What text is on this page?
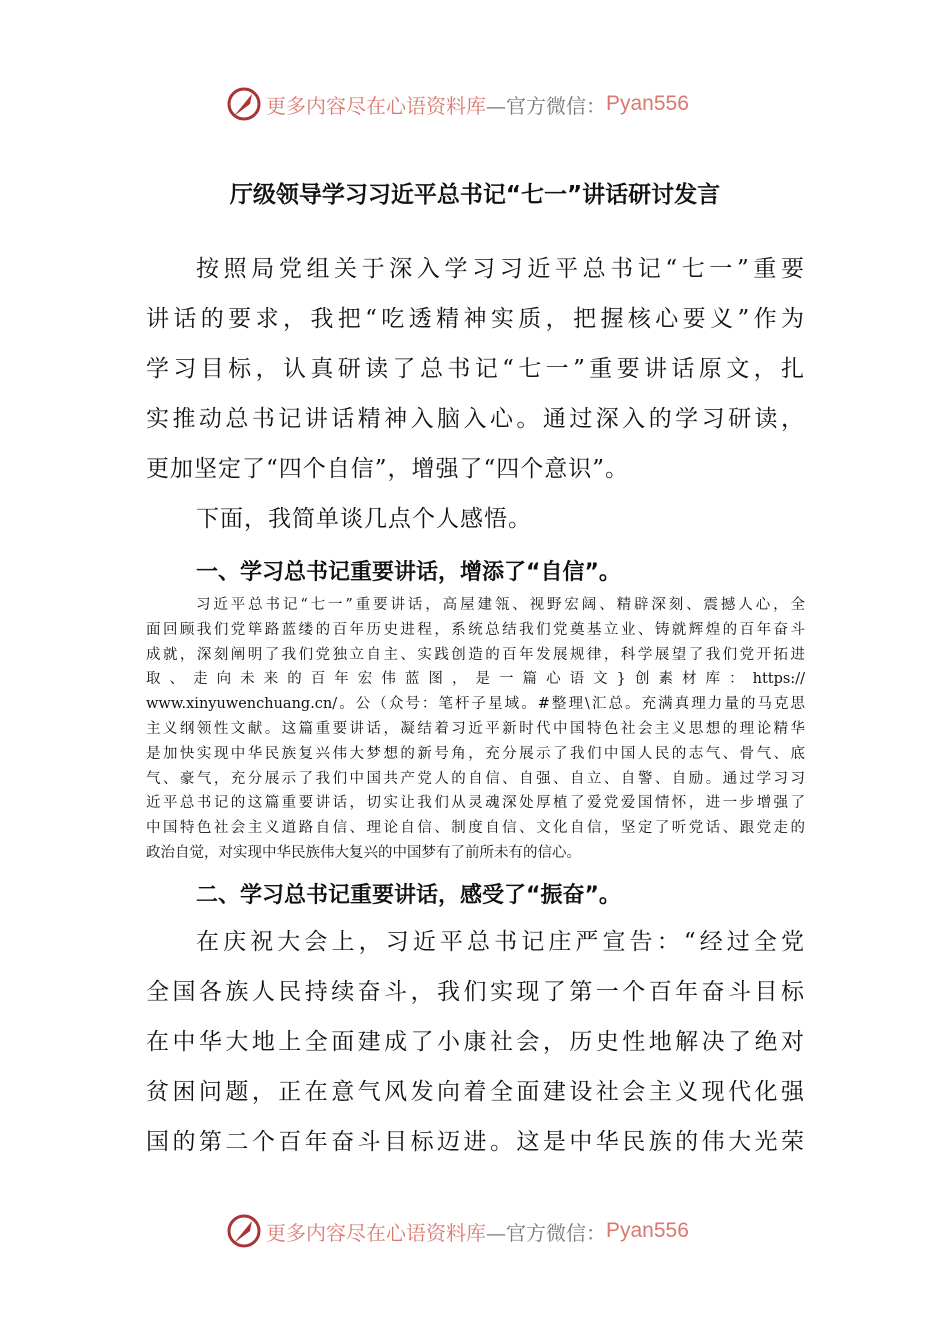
更多内容尽在心语资料库 —官方微信： Pyan556
厅级领导学习习近平总书记“七一”讲话研讨发言
按照局党组关于深入学习习近平总书记“七一”重要
讲话的要求，我把“吃透精神实质，把握核心要义”作为
学习目标，认真研读了总书记“七一”重要讲话原文，扎
实推动总书记讲话精神入脑入心。通过深入的学习研读，
更加坚定了“四个自信”，增强了“四个意识”。
下面，我简单谈几点个人感悟。
一、学习总书记重要讲话，增添了“自信”。
习近平总书记“七一”重要讲话，高屋建瓴、视野宏阔、精辟深刻、震撼人心，全
面回顾我们党筚路蓝缕的百年历史进程，系统总结我们党奠基立业、铸就辉煌的百年奋斗
成就，深刻阐明了我们党独立自主、实践创造的百年发展规律，科学展望了我们党开拓进
取、走向未来的百年宏伟蓝图，是一篇心语文}创素材库：https://
www.xinyuwenchuang.cn/。公（众号：笔杆子星域。#整理\汇总。充满真理力量的马克思
主义纲领性文献。这篇重要讲话，凝结着习近平新时代中国特色社会主义思想的理论精华
是加快实现中华民族复兴伟大梦想的新号角，充分展示了我们中国人民的志气、骨气、底
气、豪气，充分展示了我们中国共产党人的自信、自强、自立、自警、自励。通过学习习
近平总书记的这篇重要讲话，切实让我们从灵魂深处厚植了爱党爱国情怀，进一步增强了
中国特色社会主义道路自信、理论自信、制度自信、文化自信，坚定了听党话、跟党走的
政治自觉，对实现中华民族伟大复兴的中国梦有了前所未有的信心。
二、学习总书记重要讲话，感受了“振奋”。
在庆祝大会上，习近平总书记庄严宣告：“经过全党
全国各族人民持续奋斗，我们实现了第一个百年奋斗目标
在中华大地上全面建成了小康社会，历史性地解决了绝对
贫困问题，正在意气风发向着全面建设社会主义现代化强
国的第二个百年奋斗目标迈进。这是中华民族的伟大光荣
更多内容尽在心语资料库 —官方微信： Pyan556
